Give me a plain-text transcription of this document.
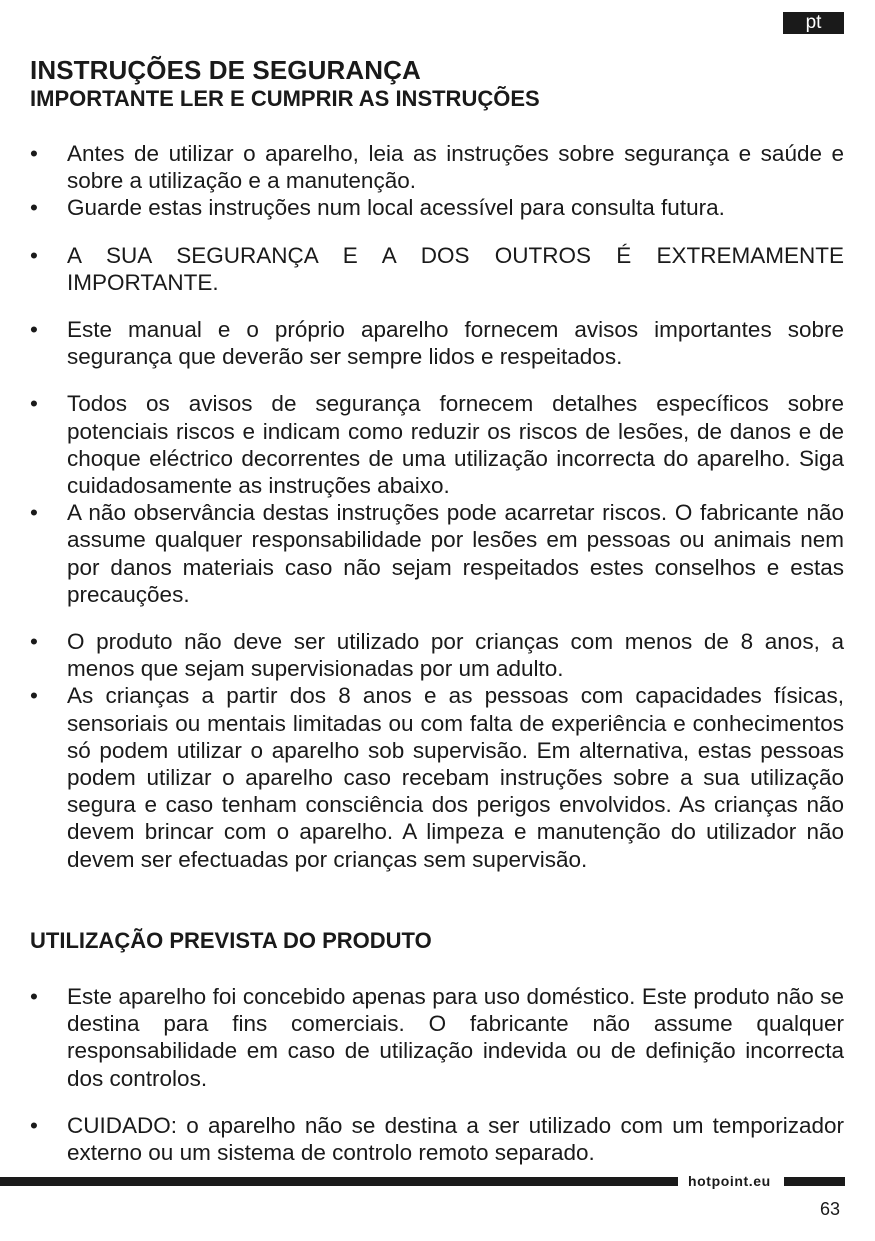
pt
INSTRUÇÕES DE SEGURANÇA
IMPORTANTE LER E CUMPRIR AS INSTRUÇÕES
• Antes de utilizar o aparelho, leia as instruções sobre segurança e saúde e sobre a utilização e a manutenção.
• Guarde estas instruções num local acessível para consulta futura.
• A SUA SEGURANÇA E A DOS OUTROS É EXTREMAMENTE IMPORTANTE.
• Este manual e o próprio aparelho fornecem avisos importantes sobre segurança que deverão ser sempre lidos e respeitados.
• Todos os avisos de segurança fornecem detalhes específicos sobre potenciais riscos e indicam como reduzir os riscos de lesões, de danos e de choque eléctrico decorrentes de uma utilização incorrecta do aparelho. Siga cuidadosamente as instruções abaixo.
• A não observância destas instruções pode acarretar riscos. O fabricante não assume qualquer responsabilidade por lesões em pessoas ou animais nem por danos materiais caso não sejam respeitados estes conselhos e estas precauções.
• O produto não deve ser utilizado por crianças com menos de 8 anos, a menos que sejam supervisionadas por um adulto.
• As crianças a partir dos 8 anos e as pessoas com capacidades físicas, sensoriais ou mentais limitadas ou com falta de experiência e conhecimentos só podem utilizar o aparelho sob supervisão. Em alternativa, estas pessoas podem utilizar o aparelho caso recebam instruções sobre a sua utilização segura e caso tenham consciência dos perigos envolvidos. As crianças não devem brincar com o aparelho. A limpeza e manutenção do utilizador não devem ser efectuadas por crianças sem supervisão.
UTILIZAÇÃO PREVISTA DO PRODUTO
• Este aparelho foi concebido apenas para uso doméstico. Este produto não se destina para fins comerciais. O fabricante não assume qualquer responsabilidade em caso de utilização indevida ou de definição incorrecta dos controlos.
• CUIDADO: o aparelho não se destina a ser utilizado com um temporizador externo ou um sistema de controlo remoto separado.
hotpoint.eu
63
